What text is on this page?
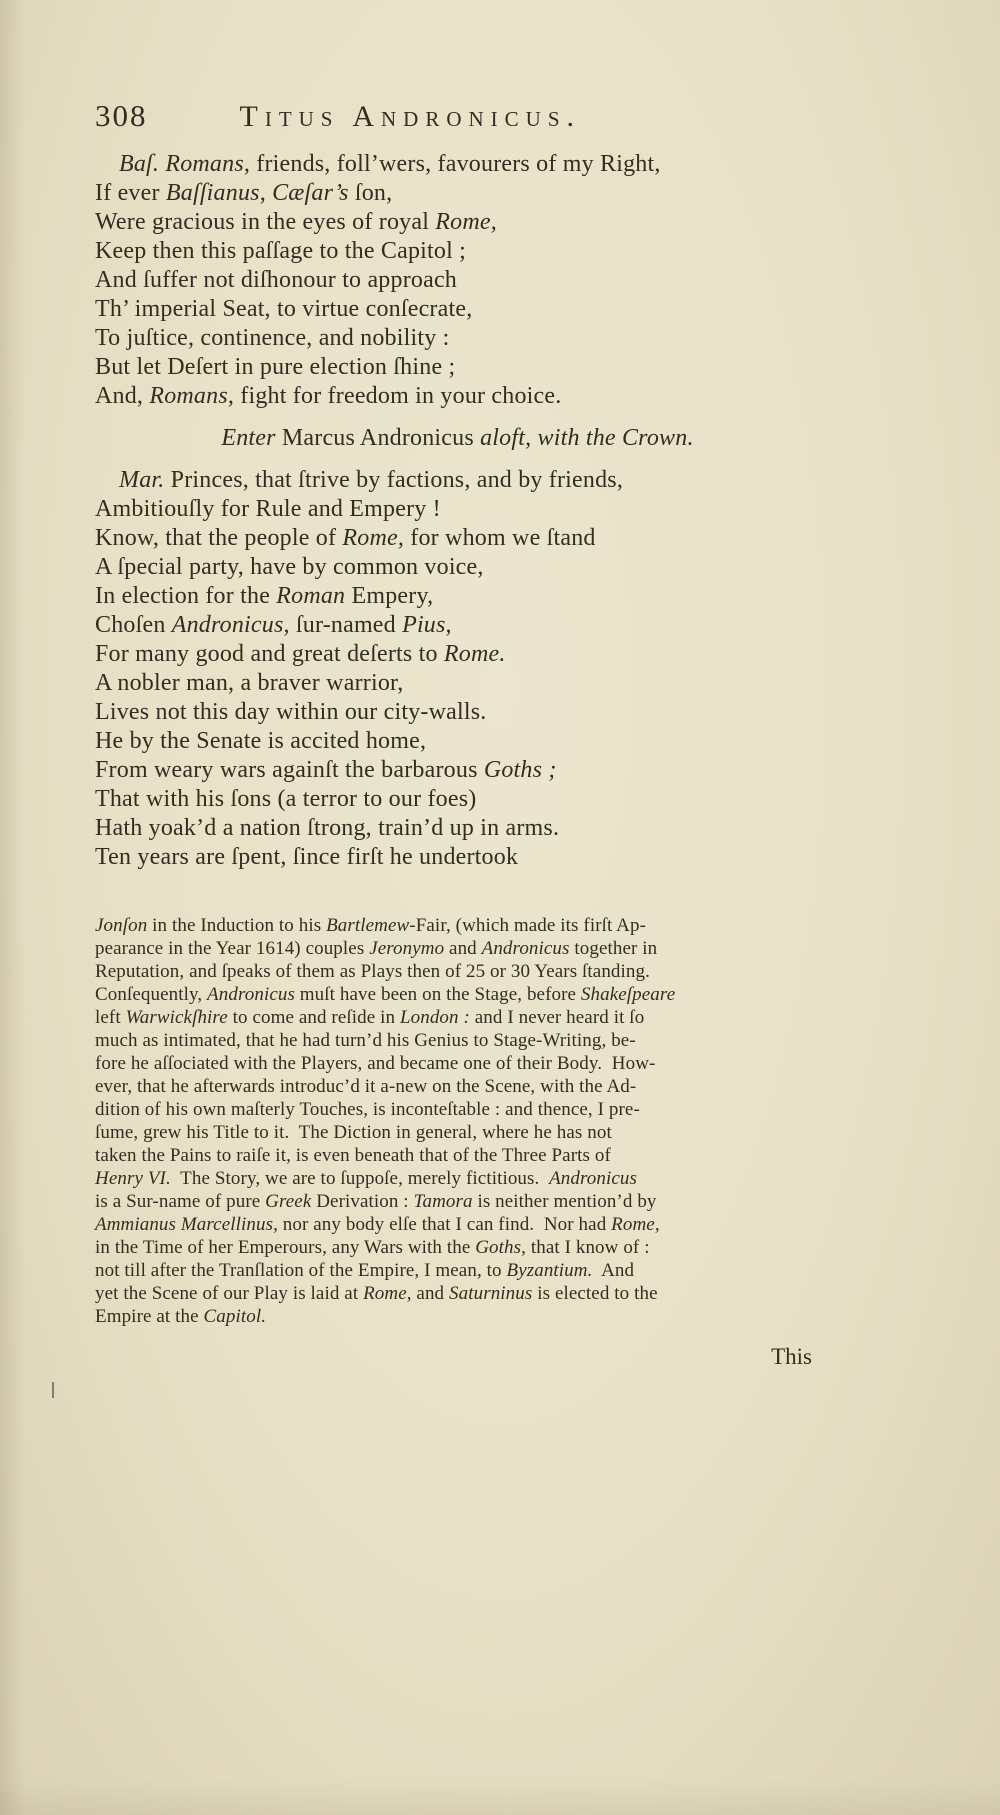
308	Titus Andronicus.
Baſ. Romans, friends, foll’wers, favourers of my Right,
If ever Baſſianus, Cæſar’s ſon,
Were gracious in the eyes of royal Rome,
Keep then this paſſage to the Capitol ;
And ſuffer not diſhonour to approach
Th’ imperial Seat, to virtue conſecrate,
To juſtice, continence, and nobility :
But let Deſert in pure election ſhine ;
And, Romans, fight for freedom in your choice.
Enter Marcus Andronicus aloft, with the Crown.
Mar. Princes, that ſtrive by factions, and by friends,
Ambitiouſly for Rule and Empery !
Know, that the people of Rome, for whom we ſtand
A ſpecial party, have by common voice,
In election for the Roman Empery,
Choſen Andronicus, ſur-named Pius,
For many good and great deſerts to Rome.
A nobler man, a braver warrior,
Lives not this day within our city-walls.
He by the Senate is accited home,
From weary wars againſt the barbarous Goths ;
That with his ſons (a terror to our foes)
Hath yoak’d a nation ſtrong, train’d up in arms.
Ten years are ſpent, ſince firſt he undertook
Jonſon in the Induction to his Bartlemew-Fair, (which made its firſt Ap-
pearance in the Year 1614) couples Jeronymo and Andronicus together in
Reputation, and ſpeaks of them as Plays then of 25 or 30 Years ſtanding.
Conſequently, Andronicus muſt have been on the Stage, before Shakeſpeare
left Warwickſhire to come and reſide in London : and I never heard it ſo
much as intimated, that he had turn’d his Genius to Stage-Writing, be-
fore he aſſociated with the Players, and became one of their Body.  How-
ever, that he afterwards introduc’d it a-new on the Scene, with the Ad-
dition of his own maſterly Touches, is inconteſtable : and thence, I pre-
ſume, grew his Title to it.  The Diction in general, where he has not
taken the Pains to raiſe it, is even beneath that of the Three Parts of
Henry VI.  The Story, we are to ſuppoſe, merely fictitious.  Andronicus
is a Sur-name of pure Greek Derivation : Tamora is neither mention’d by
Ammianus Marcellinus, nor any body elſe that I can find.  Nor had Rome,
in the Time of her Emperours, any Wars with the Goths, that I know of :
not till after the Tranſlation of the Empire, I mean, to Byzantium.  And
yet the Scene of our Play is laid at Rome, and Saturninus is elected to the
Empire at the Capitol.
This
